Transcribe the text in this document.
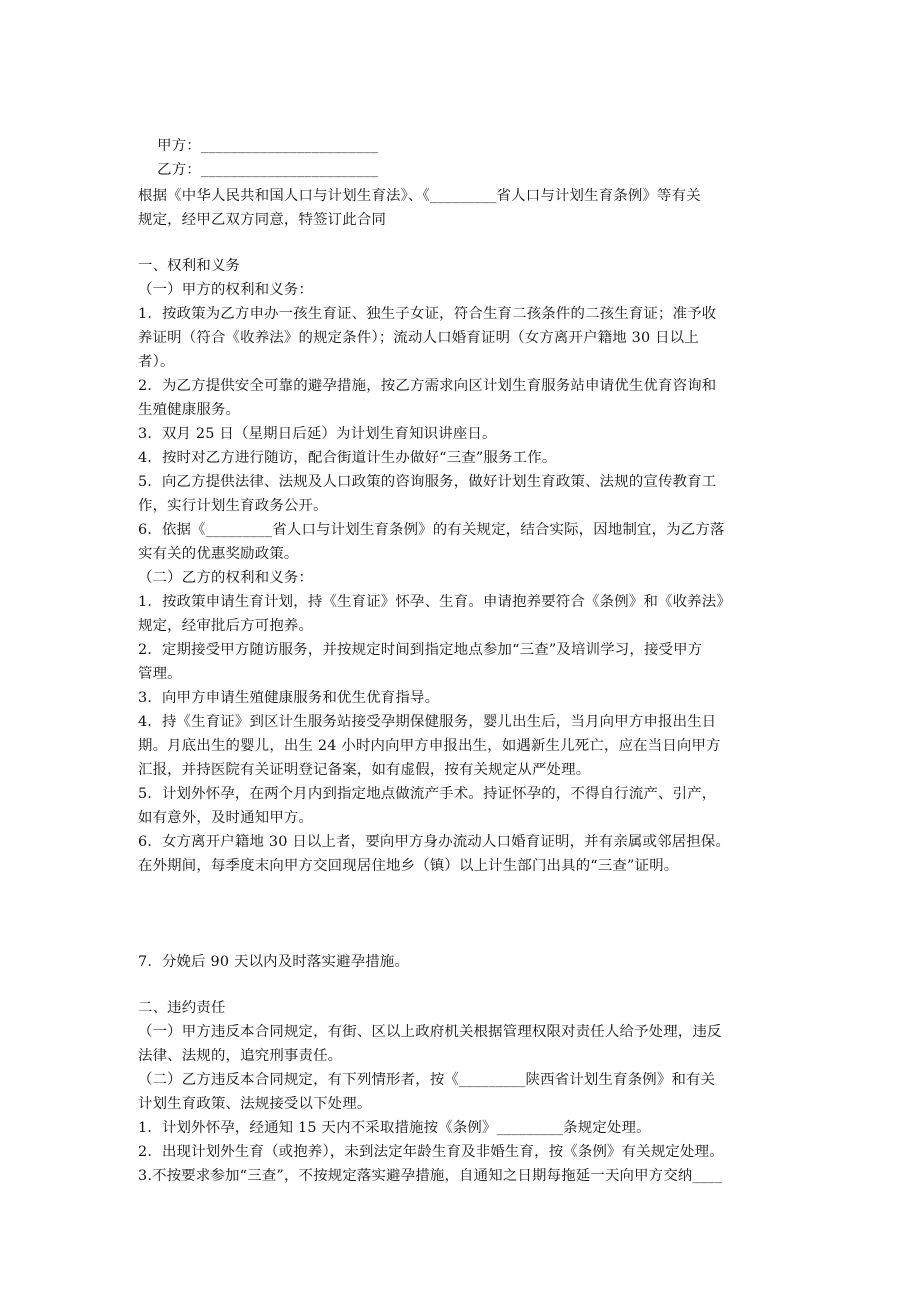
甲方：________________________

乙方：________________________

根据《中华人民共和国人口与计划生育法》、《_________省人口与计划生育条例》等有关
规定，经甲乙双方同意，特签订此合同
一、权利和义务
（一）甲方的权利和义务：
1．按政策为乙方申办一孩生育证、独生子女证，符合生育二孩条件的二孩生育证；准予收
养证明（符合《收养法》的规定条件）；流动人口婚育证明（女方离开户籍地 30 日以上
者）。
2．为乙方提供安全可靠的避孕措施，按乙方需求向区计划生育服务站申请优生优育咨询和
生殖健康服务。
3．双月 25 日（星期日后延）为计划生育知识讲座日。
4．按时对乙方进行随访，配合街道计生办做好“三查”服务工作。
5．向乙方提供法律、法规及人口政策的咨询服务，做好计划生育政策、法规的宣传教育工
作，实行计划生育政务公开。
6．依据《_________省人口与计划生育条例》的有关规定，结合实际，因地制宜，为乙方落
实有关的优惠奖励政策。
（二）乙方的权利和义务：
1．按政策申请生育计划，持《生育证》怀孕、生育。申请抱养要符合《条例》和《收养法》
规定，经审批后方可抱养。
2．定期接受甲方随访服务，并按规定时间到指定地点参加“三查”及培训学习，接受甲方
管理。
3．向甲方申请生殖健康服务和优生优育指导。
4．持《生育证》到区计生服务站接受孕期保健服务，婴儿出生后，当月向甲方申报出生日
期。月底出生的婴儿，出生 24 小时内向甲方申报出生，如遇新生儿死亡，应在当日向甲方
汇报，并持医院有关证明登记备案，如有虚假，按有关规定从严处理。
5．计划外怀孕，在两个月内到指定地点做流产手术。持证怀孕的，不得自行流产、引产，
如有意外，及时通知甲方。
6．女方离开户籍地 30 日以上者，要向甲方身办流动人口婚育证明，并有亲属或邻居担保。
在外期间，每季度末向甲方交回现居住地乡（镇）以上计生部门出具的“三查”证明。
7．分娩后 90 天以内及时落实避孕措施。
二、违约责任
（一）甲方违反本合同规定，有街、区以上政府机关根据管理权限对责任人给予处理，违反
法律、法规的，追究刑事责任。
（二）乙方违反本合同规定，有下列情形者，按《_________陕西省计划生育条例》和有关
计划生育政策、法规接受以下处理。
1．计划外怀孕，经通知 15 天内不采取措施按《条例》_________条规定处理。
2．出现计划外生育（或抱养），未到法定年龄生育及非婚生育，按《条例》有关规定处理。
3.不按要求参加“三查”，不按规定落实避孕措施，自通知之日期每拖延一天向甲方交纳____
